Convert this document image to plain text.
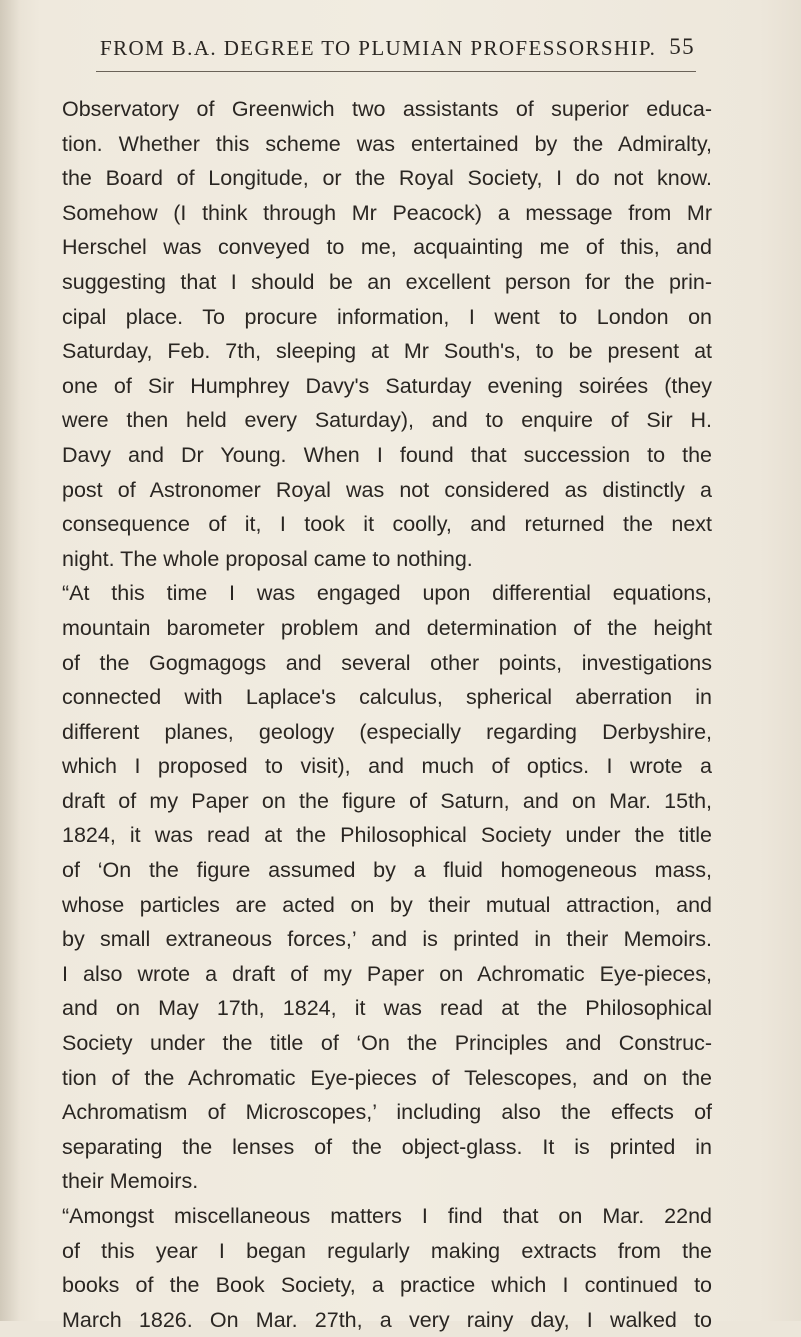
FROM B.A. DEGREE TO PLUMIAN PROFESSORSHIP. 55
Observatory of Greenwich two assistants of superior educa-
tion. Whether this scheme was entertained by the Admiralty,
the Board of Longitude, or the Royal Society, I do not know.
Somehow (I think through Mr Peacock) a message from Mr
Herschel was conveyed to me, acquainting me of this, and
suggesting that I should be an excellent person for the prin-
cipal place. To procure information, I went to London on
Saturday, Feb. 7th, sleeping at Mr South's, to be present at
one of Sir Humphrey Davy's Saturday evening soirées (they
were then held every Saturday), and to enquire of Sir H.
Davy and Dr Young. When I found that succession to the
post of Astronomer Royal was not considered as distinctly a
consequence of it, I took it coolly, and returned the next
night. The whole proposal came to nothing.
“At this time I was engaged upon differential equations,
mountain barometer problem and determination of the height
of the Gogmagogs and several other points, investigations
connected with Laplace's calculus, spherical aberration in
different planes, geology (especially regarding Derbyshire,
which I proposed to visit), and much of optics. I wrote a
draft of my Paper on the figure of Saturn, and on Mar. 15th,
1824, it was read at the Philosophical Society under the title
of ‘On the figure assumed by a fluid homogeneous mass,
whose particles are acted on by their mutual attraction, and
by small extraneous forces,’ and is printed in their Memoirs.
I also wrote a draft of my Paper on Achromatic Eye-pieces,
and on May 17th, 1824, it was read at the Philosophical
Society under the title of ‘On the Principles and Construc-
tion of the Achromatic Eye-pieces of Telescopes, and on the
Achromatism of Microscopes,’ including also the effects of
separating the lenses of the object-glass. It is printed in
their Memoirs.
“Amongst miscellaneous matters I find that on Mar. 22nd
of this year I began regularly making extracts from the
books of the Book Society, a practice which I continued to
March 1826. On Mar. 27th, a very rainy day, I walked to
